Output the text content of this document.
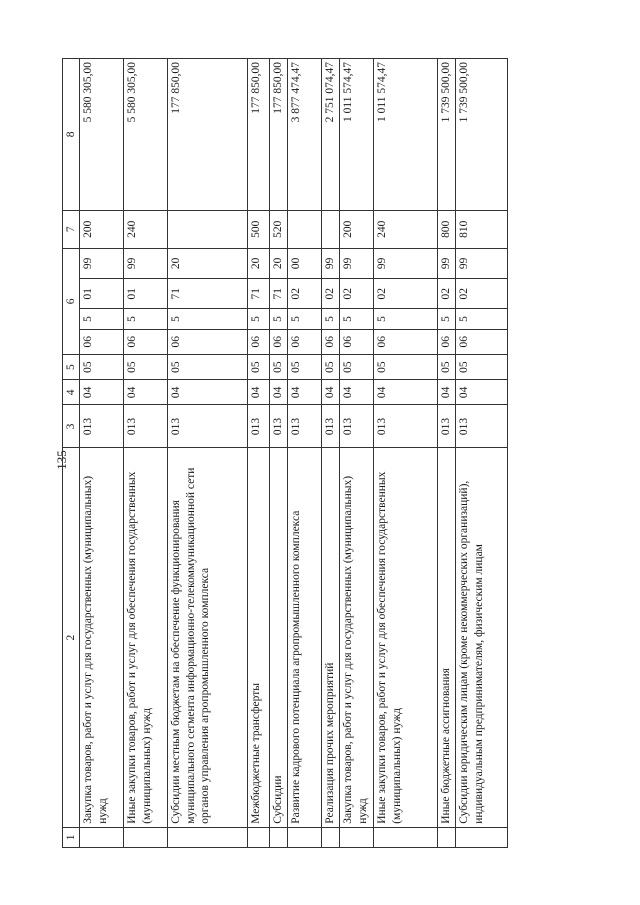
135
1	2	3	4	5	6				7	8
	Закупка товаров, работ и услуг для государственных (муниципальных) нужд	013	04	05	06	5	01	99	200	5 580 305,00
	Иные закупки товаров, работ и услуг для обеспечения государственных (муниципальных) нужд	013	04	05	06	5	01	99	240	5 580 305,00
	Субсидии местным бюджетам на обеспечение функционирования муниципального сегмента информационно-телекоммуникационной сети органов управления агропромышленного комплекса	013	04	05	06	5	71	20		177 850,00
	Межбюджетные трансферты	013	04	05	06	5	71	20	500	177 850,00
	Субсидии	013	04	05	06	5	71	20	520	177 850,00
	Развитие кадрового потенциала агропромышленного комплекса	013	04	05	06	5	02	00		3 877 474,47
	Реализация прочих мероприятий	013	04	05	06	5	02	99		2 751 074,47
	Закупка товаров, работ и услуг для государственных (муниципальных) нужд	013	04	05	06	5	02	99	200	1 011 574,47
	Иные закупки товаров, работ и услуг для обеспечения государственных (муниципальных) нужд	013	04	05	06	5	02	99	240	1 011 574,47
	Иные бюджетные ассигнования	013	04	05	06	5	02	99	800	1 739 500,00
	Субсидии юридическим лицам (кроме некоммерческих организаций), индивидуальным предпринимателям, физическим лицам	013	04	05	06	5	02	99	810	1 739 500,00
